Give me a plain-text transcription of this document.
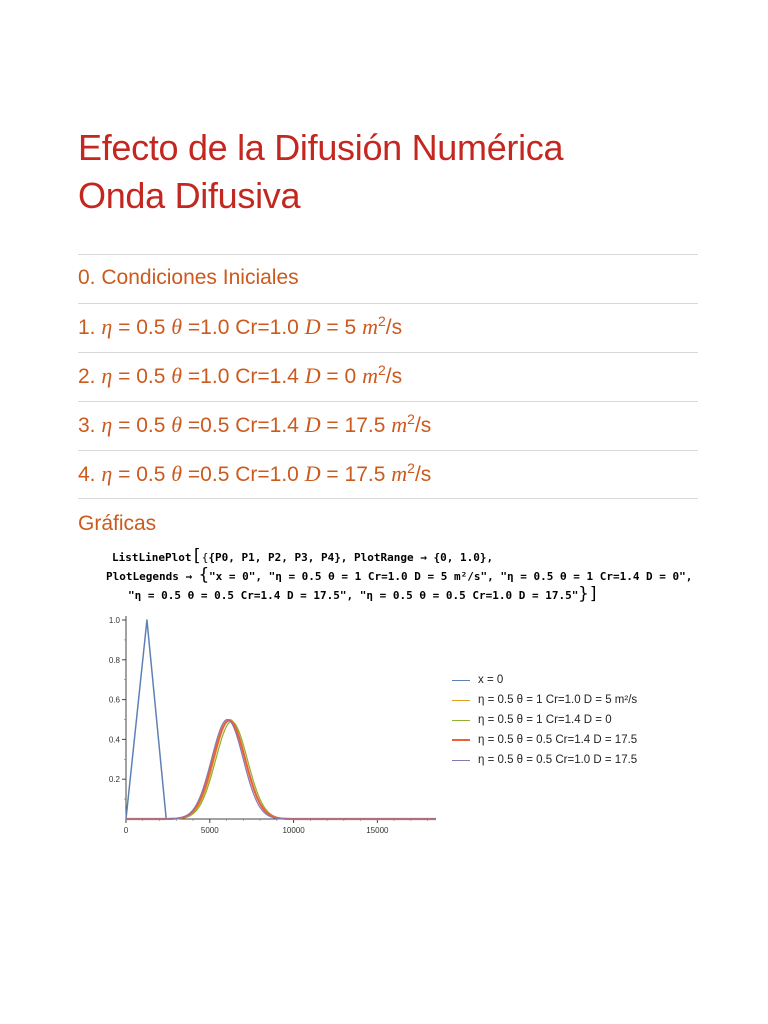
Efecto de la Difusión Numérica
Onda Difusiva
0. Condiciones Iniciales
1. η = 0.5 θ =1.0 Cr=1.0 D = 5 $m^2/s$
2. η = 0.5 θ =1.0 Cr=1.4 D = 0 $m^2/s$
3. η = 0.5 θ =0.5 Cr=1.4 D = 17.5 $m^2/s$
4. η = 0.5 θ =0.5 Cr=1.0 D = 17.5 $m^2/s$
Gráficas
ListLinePlot[{{P0, P1, P2, P3, P4}, PlotRange → {0, 1.0},
PlotLegends → {"x = 0", "η = 0.5 θ = 1 Cr=1.0 D = 5 m²/s", "η = 0.5 θ = 1 Cr=1.4 D = 0",
"η = 0.5 θ = 0.5 Cr=1.4 D = 17.5", "η = 0.5 θ = 0.5 Cr=1.0 D = 17.5"}]
0	5000	10000	15000
0.2
0.4
0.6
0.8
1.0
x = 0
η = 0.5 θ = 1 Cr=1.0 D = 5 m²/s
η = 0.5 θ = 1 Cr=1.4 D = 0
η = 0.5 θ = 0.5 Cr=1.4 D = 17.5
η = 0.5 θ = 0.5 Cr=1.0 D = 17.5
